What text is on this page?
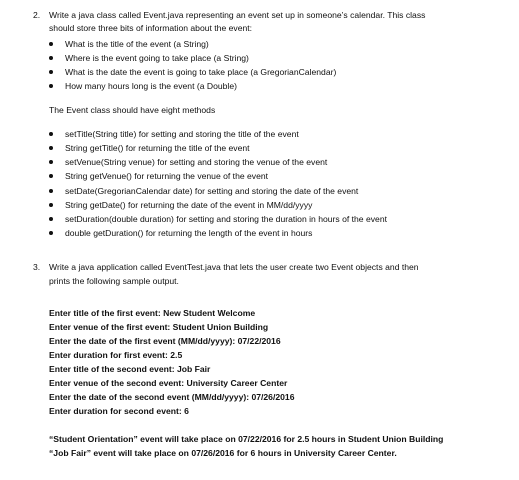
2. Write a java class called Event.java representing an event set up in someone’s calendar. This class
should store three bits of information about the event:
What is the title of the event (a String)
Where is the event going to take place (a String)
What is the date the event is going to take place (a GregorianCalendar)
How many hours long is the event (a Double)
The Event class should have eight methods
setTitle(String title) for setting and storing the title of the event
String getTitle() for returning the title of the event
setVenue(String venue) for setting and storing the venue of the event
String getVenue() for returning the venue of the event
setDate(GregorianCalendar date) for setting and storing the date of the event
String getDate() for returning the date of the event in MM/dd/yyyy
setDuration(double duration) for setting and storing the duration in hours of the event
double getDuration() for returning the length of the event in hours
3. Write a java application called EventTest.java that lets the user create two Event objects and then
prints the following sample output.
Enter title of the first event: New Student Welcome
Enter venue of the first event: Student Union Building
Enter the date of the first event (MM/dd/yyyy): 07/22/2016
Enter duration for first event: 2.5
Enter title of the second event: Job Fair
Enter venue of the second event: University Career Center
Enter the date of the second event (MM/dd/yyyy): 07/26/2016
Enter duration for second event: 6
“Student Orientation” event will take place on 07/22/2016 for 2.5 hours in Student Union Building
“Job Fair” event will take place on 07/26/2016 for 6 hours in University Career Center.
